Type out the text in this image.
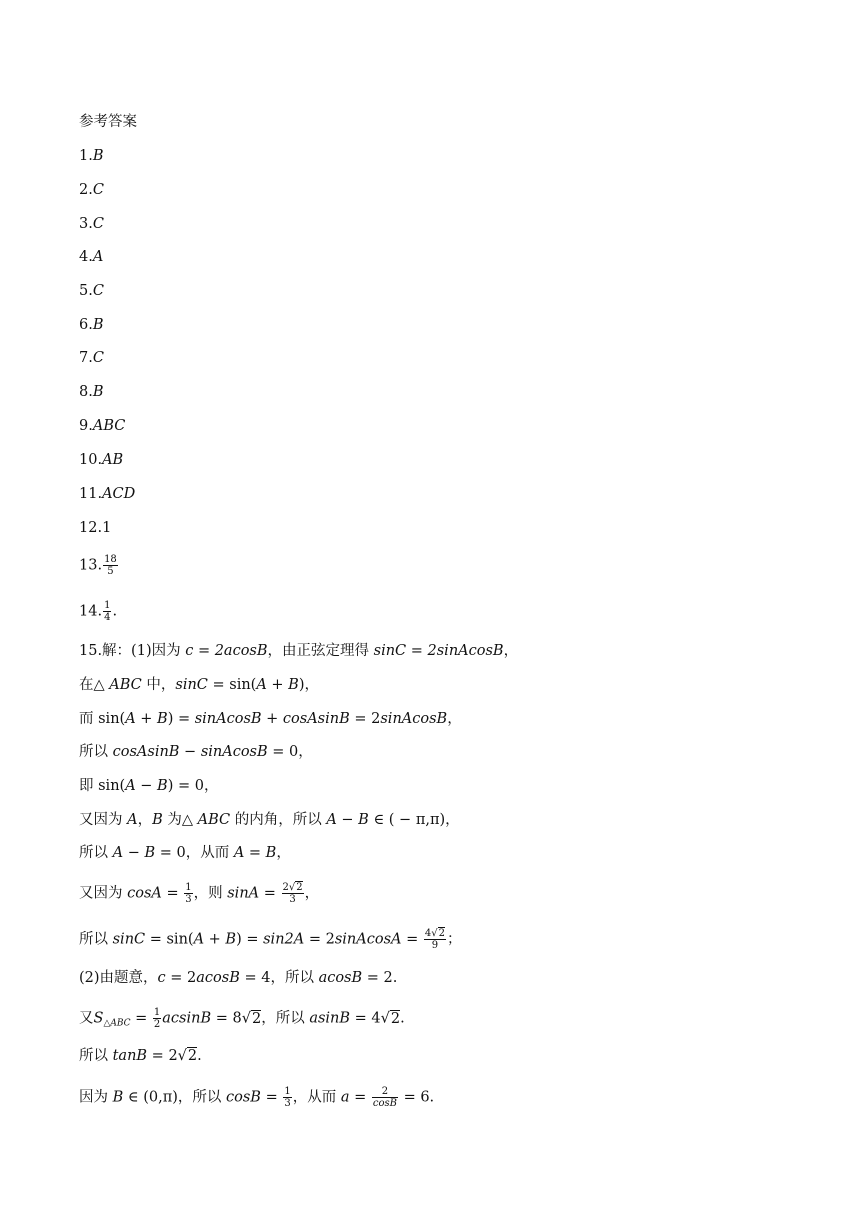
参考答案
1.B
2.C
3.C
4.A
5.C
6.B
7.C
8.B
9.ABC
10.AB
11.ACD
12.1
13. $\frac{18}{5}$
14. $\frac{1}{4}$ .
15.解：(1)因为 c = 2acosB，由正弦定理得 sinC = 2sinAcosB，
在△ ABC 中，sinC = sin(A + B)，
而 sin(A + B) = sinAcosB + cosAsinB = 2sinAcosB，
所以 cosAsinB − sinAcosB = 0，
即 sin(A − B) = 0，
又因为 A，B 为△ ABC 的内角，所以 A − B ∈ ( − π,π)，
所以 A − B = 0，从而 A = B，
又因为 $\cos A = \frac{1}{3}$ ，则 $\sin A = \frac{2√2}{3}$ ，
所以 sinC = sin(A + B) = sin2A = 2sinAcosA = $\frac{4√2}{9}$ ；
(2)由题意，c = 2acosB = 4，所以 acosB = 2.
又$S_{\triangle ABC} = \frac{1}{2}$ acsinB = 8√2，所以 asinB = 4√2.
所以 tanB = 2√2.
因为 B ∈ (0,π)，所以 $\cos B = \frac{1}{3}$ ，从而 $a = \frac{2}{\cos B} = 6$.
